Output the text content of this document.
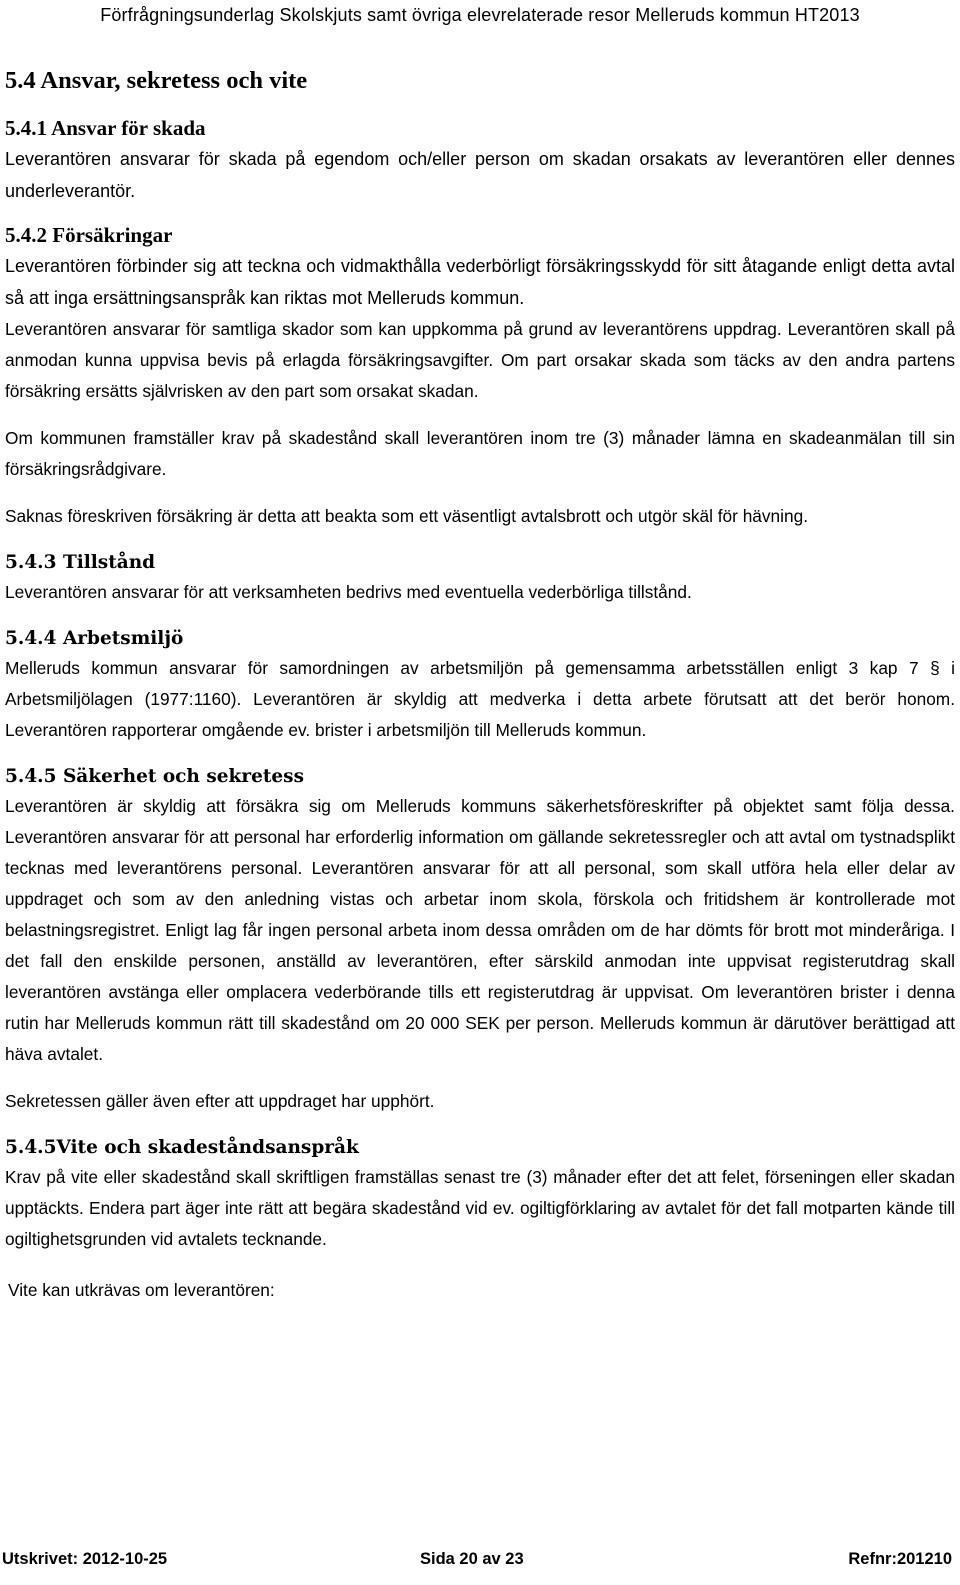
Förfrågningsunderlag Skolskjuts samt övriga elevrelaterade resor Melleruds kommun HT2013
5.4 Ansvar, sekretess och vite
5.4.1 Ansvar för skada

Leverantören ansvarar för skada på egendom och/eller person om skadan orsakats av leverantören eller dennes underleverantör.

5.4.2 Försäkringar

Leverantören förbinder sig att teckna och vidmakthålla vederbörligt försäkringsskydd för sitt åtagande enligt detta avtal så att inga ersättningsanspråk kan riktas mot Melleruds kommun.

Leverantören ansvarar för samtliga skador som kan uppkomma på grund av leverantörens uppdrag. Leverantören skall på anmodan kunna uppvisa bevis på erlagda försäkringsavgifter. Om part orsakar skada som täcks av den andra partens försäkring ersätts självrisken av den part som orsakat skadan.

Om kommunen framställer krav på skadestånd skall leverantören inom tre (3) månader lämna en skadeanmälan till sin försäkringsrådgivare.

Saknas föreskriven försäkring är detta att beakta som ett väsentligt avtalsbrott och utgör skäl för hävning.

5.4.3 Tillstånd

Leverantören ansvarar för att verksamheten bedrivs med eventuella vederbörliga tillstånd.

5.4.4 Arbetsmiljö

Melleruds kommun ansvarar för samordningen av arbetsmiljön på gemensamma arbetsställen enligt 3 kap 7 § i Arbetsmiljölagen (1977:1160). Leverantören är skyldig att medverka i detta arbete förutsatt att det berör honom. Leverantören rapporterar omgående ev. brister i arbetsmiljön till Melleruds kommun.

5.4.5 Säkerhet och sekretess

Leverantören är skyldig att försäkra sig om Melleruds kommuns säkerhetsföreskrifter på objektet samt följa dessa. Leverantören ansvarar för att personal har erforderlig information om gällande sekretessregler och att avtal om tystnadsplikt tecknas med leverantörens personal. Leverantören ansvarar för att all personal, som skall utföra hela eller delar av uppdraget och som av den anledning vistas och arbetar inom skola, förskola och fritidshem är kontrollerade mot belastningsregistret. Enligt lag får ingen personal arbeta inom dessa områden om de har dömts för brott mot minderåriga. I det fall den enskilde personen, anställd av leverantören, efter särskild anmodan inte uppvisat registerutdrag skall leverantören avstänga eller omplacera vederbörande tills ett registerutdrag är uppvisat. Om leverantören brister i denna rutin har Melleruds kommun rätt till skadestånd om 20 000 SEK per person. Melleruds kommun är därutöver berättigad att häva avtalet.

Sekretessen gäller även efter att uppdraget har upphört.

5.4.5Vite och skadeståndsanspråk

Krav på vite eller skadestånd skall skriftligen framställas senast tre (3) månader efter det att felet, förseningen eller skadan upptäckts. Endera part äger inte rätt att begära skadestånd vid ev. ogiltigförklaring av avtalet för det fall motparten kände till ogiltighetsgrunden vid avtalets tecknande.

Vite kan utkrävas om leverantören:

Utskrivet: 2012-10-25	Sida 20 av 23	Refnr:201210
